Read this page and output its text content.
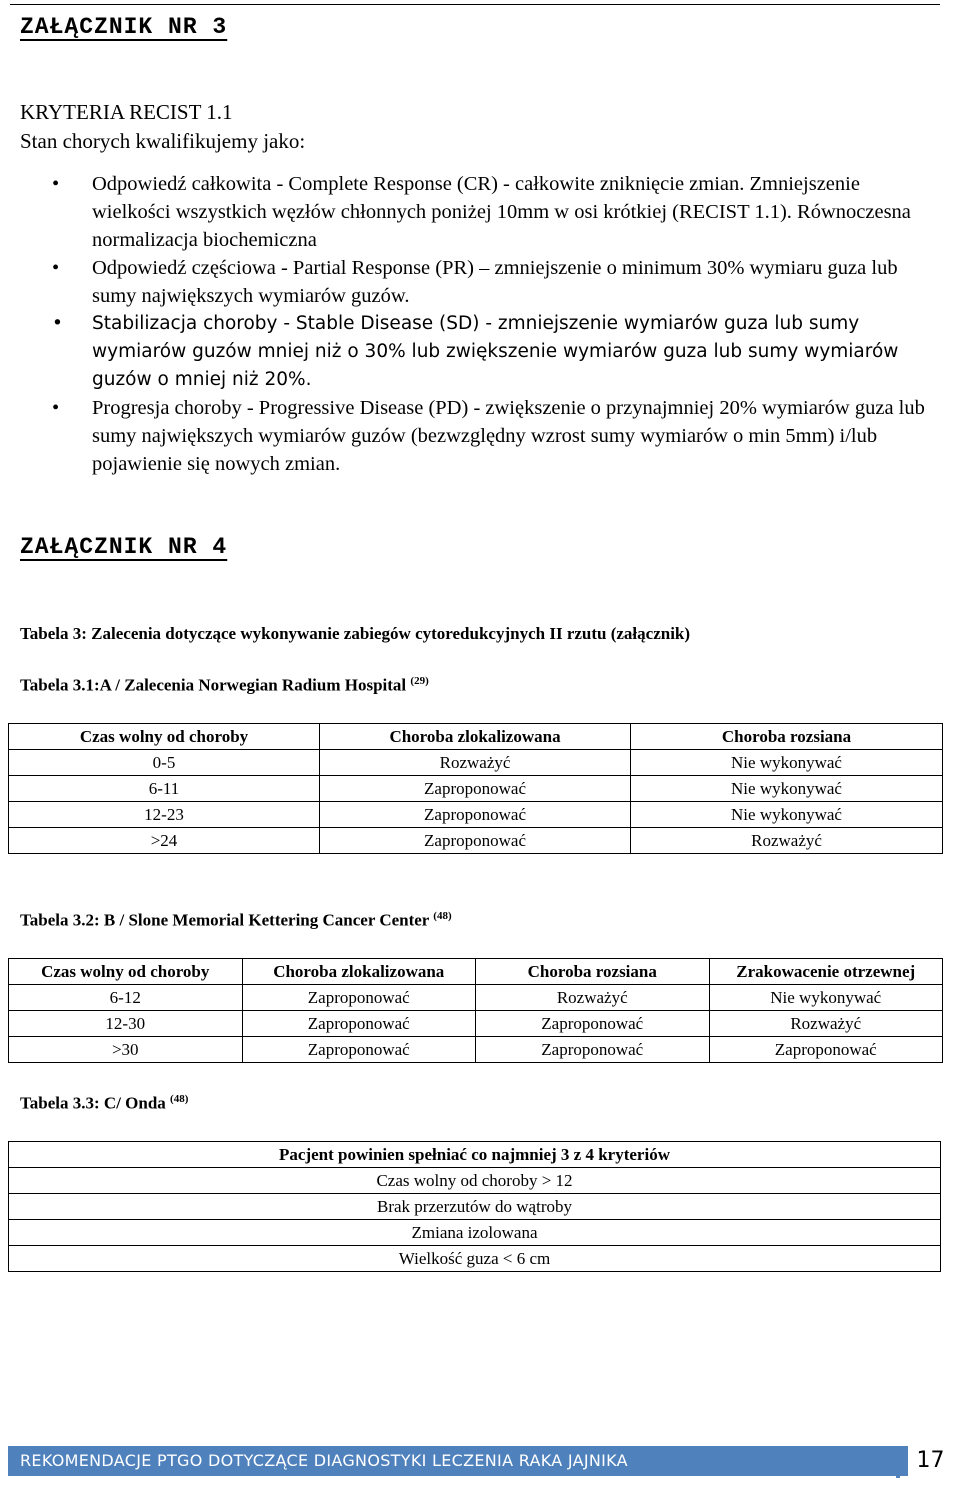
ZAŁĄCZNIK NR 3
KRYTERIA RECIST 1.1
Stan chorych kwalifikujemy jako:
• Odpowiedź całkowita - Complete Response (CR) - całkowite zniknięcie zmian. Zmniejszenie wielkości wszystkich węzłów chłonnych poniżej 10mm w osi krótkiej (RECIST 1.1). Równoczesna normalizacja biochemiczna
• Odpowiedź częściowa - Partial Response (PR) – zmniejszenie o minimum 30% wymiaru guza lub sumy największych wymiarów guzów.
• Stabilizacja choroby - Stable Disease (SD) - zmniejszenie wymiarów guza lub sumy wymiarów guzów mniej niż o 30% lub zwiększenie wymiarów guza lub sumy wymiarów guzów o mniej niż 20%.
• Progresja choroby - Progressive Disease (PD) - zwiększenie o przynajmniej 20% wymiarów guza lub sumy największych wymiarów guzów (bezwzględny wzrost sumy wymiarów o min 5mm) i/lub pojawienie się nowych zmian.
ZAŁĄCZNIK NR 4
Tabela 3: Zalecenia dotyczące wykonywanie zabiegów cytoredukcyjnych II rzutu (załącznik)
Tabela 3.1:A / Zalecenia Norwegian Radium Hospital $^{(29)}$
Czas wolny od choroby	Choroba zlokalizowana	Choroba rozsiana
0-5	Rozważyć	Nie wykonywać
6-11	Zaproponować	Nie wykonywać
12-23	Zaproponować	Nie wykonywać
>24	Zaproponować	Rozważyć
Tabela 3.2: B / Slone Memorial Kettering Cancer Center $^{(48)}$
Czas wolny od choroby	Choroba zlokalizowana	Choroba rozsiana	Zrakowacenie otrzewnej
6-12	Zaproponować	Rozważyć	Nie wykonywać
12-30	Zaproponować	Zaproponować	Rozważyć
>30	Zaproponować	Zaproponować	Zaproponować
Tabela 3.3: C/ Onda $^{(48)}$
Pacjent powinien spełniać co najmniej 3 z 4 kryteriów
Czas wolny od choroby > 12
Brak przerzutów do wątroby
Zmiana izolowana
Wielkość guza < 6 cm
REKOMENDACJE PTGO DOTYCZĄCE DIAGNOSTYKI LECZENIA RAKA JAJNIKA	17
